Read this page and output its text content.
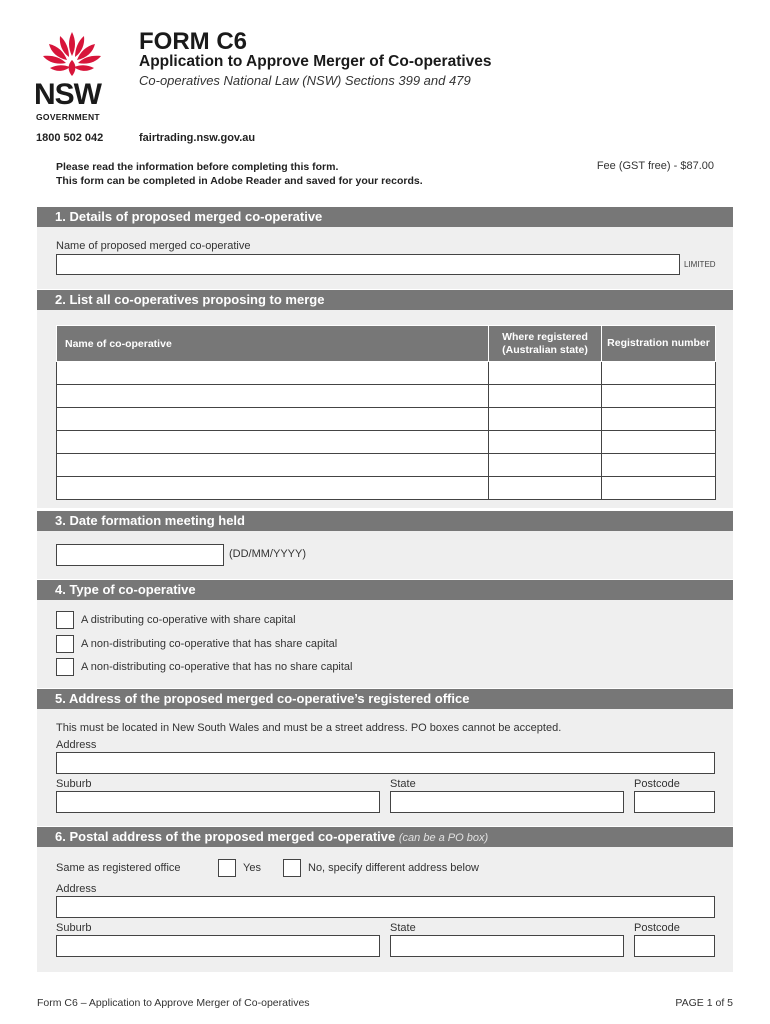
NSW
GOVERNMENT
FORM C6
Application to Approve Merger of Co-operatives
Co-operatives National Law (NSW) Sections 399 and 479
1800 502 042	fairtrading.nsw.gov.au
Please read the information before completing this form.
This form can be completed in Adobe Reader and saved for your records.
Fee (GST free) - $87.00
1. Details of proposed merged co-operative
Name of proposed merged co-operative
LIMITED
2. List all co-operatives proposing to merge
Name of co-operative	Where registered (Australian state)	Registration number

3. Date formation meeting held
(DD/MM/YYYY)
4. Type of co-operative
A distributing co-operative with share capital
A non-distributing co-operative that has share capital
A non-distributing co-operative that has no share capital
5. Address of the proposed merged co-operative’s registered office
This must be located in New South Wales and must be a street address. PO boxes cannot be accepted.
Address
Suburb	State	Postcode
6. Postal address of the proposed merged co-operative (can be a PO box)
Same as registered office	Yes	No, specify different address below
Address
Suburb	State	Postcode
Form C6 – Application to Approve Merger of Co-operatives	PAGE 1 of 5
